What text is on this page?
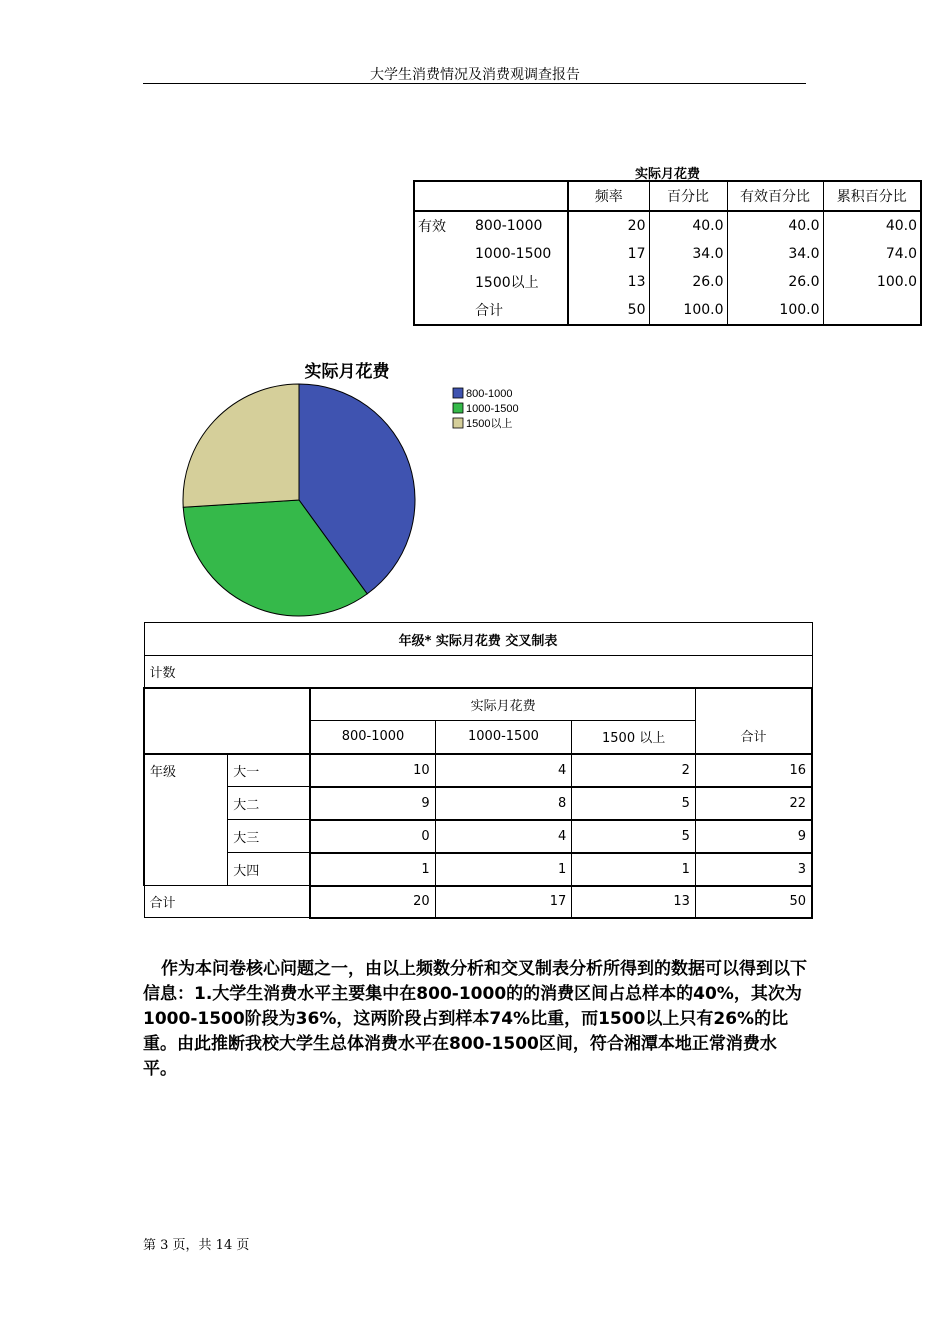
大学生消费情况及消费观调查报告
实际月花费
		频率	百分比	有效百分比	累积百分比
有效	800-1000	20	40.0	40.0	40.0
	1000-1500	17	34.0	34.0	74.0
	1500以上	13	26.0	26.0	100.0
	合计	50	100.0	100.0	
实际月花费
800-1000
1000-1500
1500以上
年级* 实际月花费 交叉制表					
计数					
		实际月花费			合计
		800-1000	1000-1500	1500 以上	
年级	大一	10	4	2	16
	大二	9	8	5	22
	大三	0	4	5	9
	大四	1	1	1	3
合计		20	17	13	50

作为本问卷核心问题之一，由以上频数分析和交叉制表分析所得到的数据可以得到以下信息：1.大学生消费水平主要集中在800-1000的的消费区间占总样本的40%，其次为1000-1500阶段为36%，这两阶段占到样本74%比重，而1500以上只有26%的比重。由此推断我校大学生总体消费水平在800-1500区间，符合湘潭本地正常消费水平。

第 3 页，共 14 页
